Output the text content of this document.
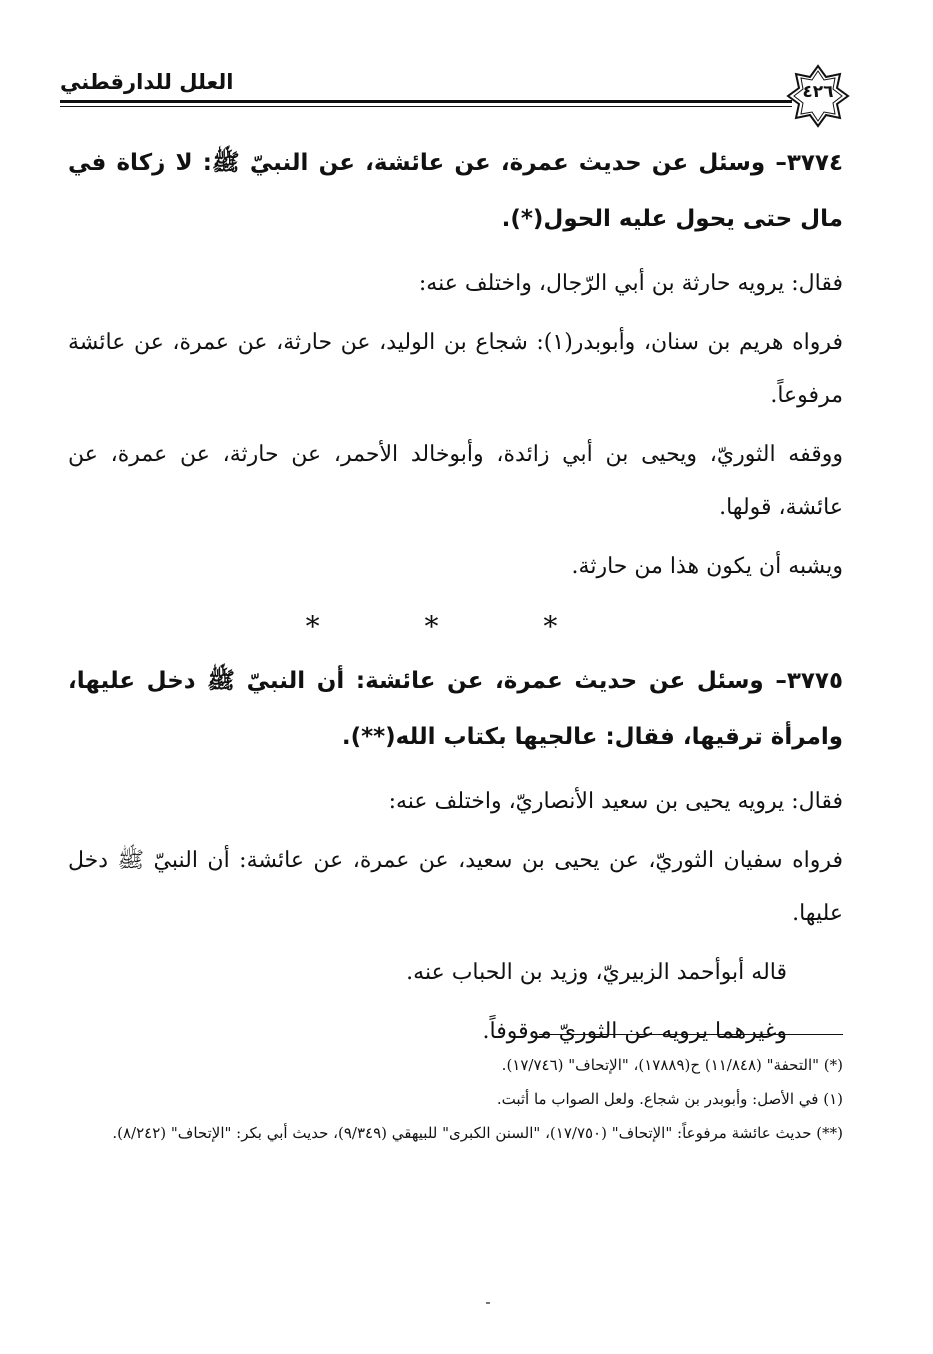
العلل للدارقطني	٤٢٦

٣٧٧٤– وسئل عن حديث عمرة، عن عائشة، عن النبيّ ﷺ: لا زكاة في مال حتى يحول عليه الحول(*).

فقال: يرويه حارثة بن أبي الرّجال، واختلف عنه:

فرواه هريم بن سنان، وأبوبدر(١): شجاع بن الوليد، عن حارثة، عن عمرة، عن عائشة مرفوعاً.

ووقفه الثوريّ، ويحيى بن أبي زائدة، وأبوخالد الأحمر، عن حارثة، عن عمرة، عن عائشة، قولها.

ويشبه أن يكون هذا من حارثة.

* * *

٣٧٧٥– وسئل عن حديث عمرة، عن عائشة: أن النبيّ ﷺ دخل عليها، وامرأة ترقيها، فقال: عالجيها بكتاب الله(**).

فقال: يرويه يحيى بن سعيد الأنصاريّ، واختلف عنه:

فرواه سفيان الثوريّ، عن يحيى بن سعيد، عن عمرة، عن عائشة: أن النبيّ ﷺ دخل عليها.

قاله أبوأحمد الزبيريّ، وزيد بن الحباب عنه.

وغيرهما يرويه عن الثوريّ موقوفاً.

(*) "التحفة" (١١/٨٤٨) ح(١٧٨٨٩)، "الإتحاف" (١٧/٧٤٦).

(١) في الأصل: وأبوبدر بن شجاع. ولعل الصواب ما أثبت.

(**) حديث عائشة مرفوعاً: "الإتحاف" (١٧/٧٥٠)، "السنن الكبرى" للبيهقي (٩/٣٤٩)، حديث أبي بكر: "الإتحاف" (٨/٢٤٢).
